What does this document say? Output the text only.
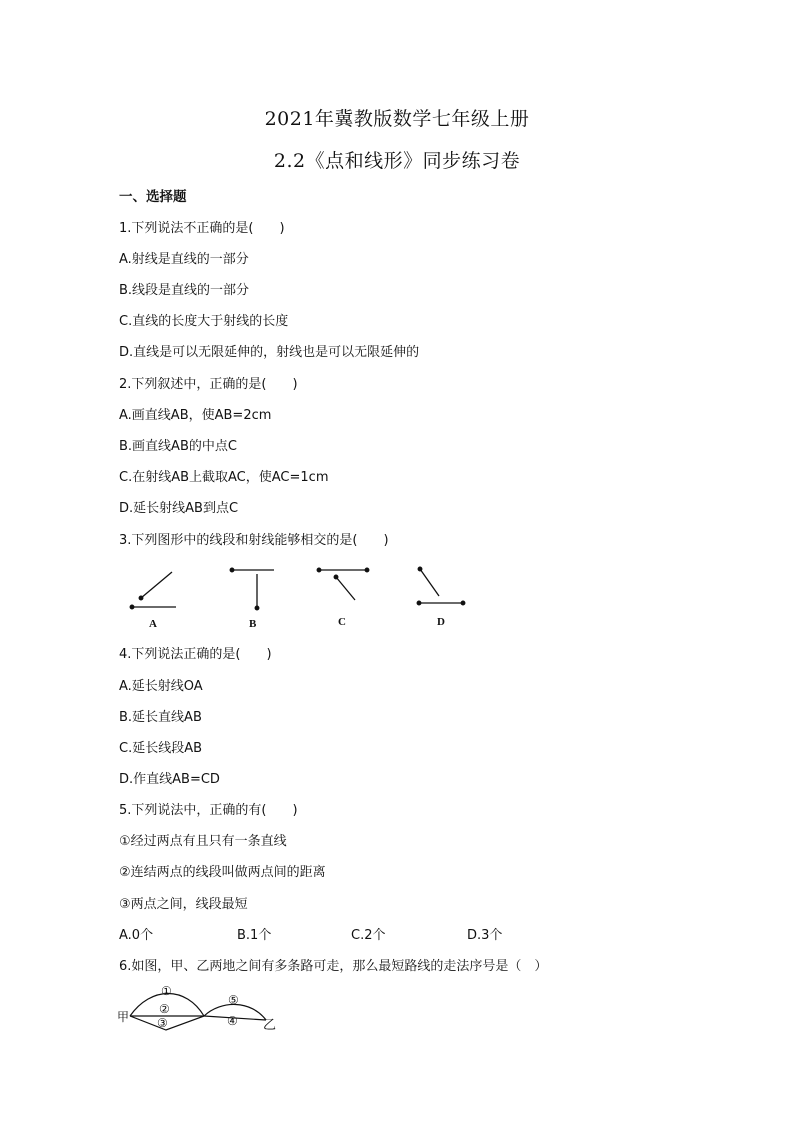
2021年冀教版数学七年级上册
2.2《点和线形》同步练习卷
一、选择题
1.下列说法不正确的是(　　)
A.射线是直线的一部分
B.线段是直线的一部分
C.直线的长度大于射线的长度
D.直线是可以无限延伸的，射线也是可以无限延伸的
2.下列叙述中，正确的是(　　)
A.画直线AB，使AB=2cm
B.画直线AB的中点C
C.在射线AB上截取AC，使AC=1cm
D.延长射线AB到点C
3.下列图形中的线段和射线能够相交的是(　　)
A	B	C	D
4.下列说法正确的是(　　)
A.延长射线OA
B.延长直线AB
C.延长线段AB
D.作直线AB=CD
5.下列说法中，正确的有(　　)
①经过两点有且只有一条直线
②连结两点的线段叫做两点间的距离
③两点之间，线段最短
A.0个	B.1个	C.2个	D.3个
6.如图，甲、乙两地之间有多条路可走，那么最短路线的走法序号是（　）
①
②
③	④
⑤
甲	乙
